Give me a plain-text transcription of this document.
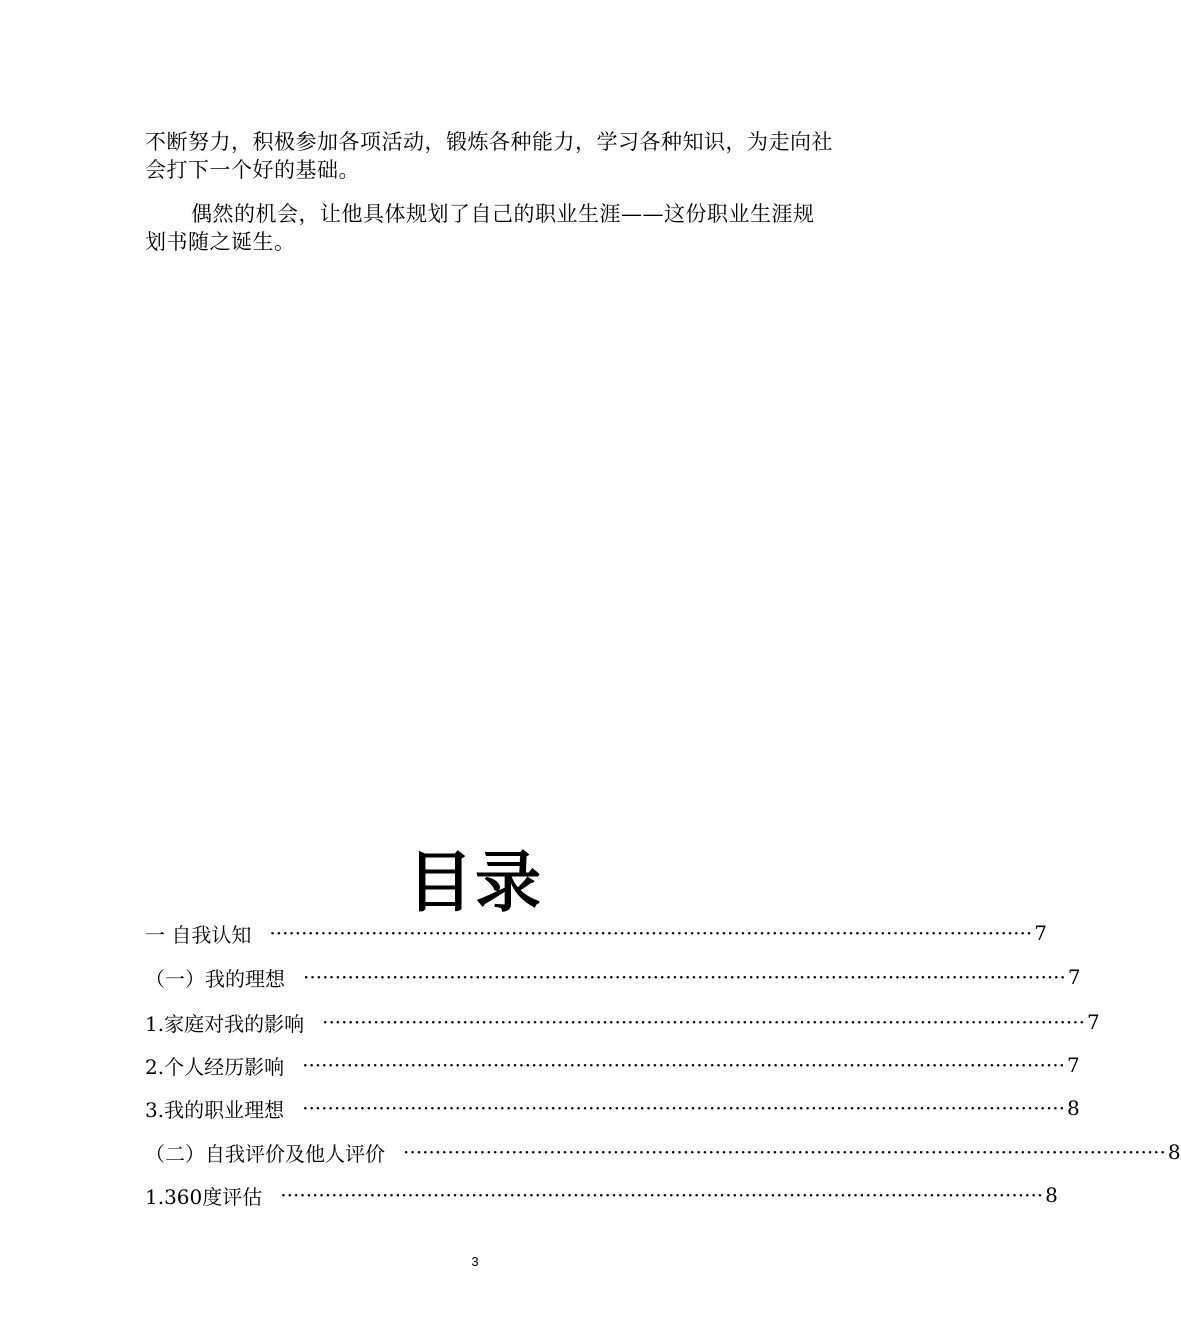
不断努力，积极参加各项活动，锻炼各种能力，学习各种知识，为走向社会打下一个好的基础。

偶然的机会，让他具体规划了自己的职业生涯——这份职业生涯规划书随之诞生。

目录
一 自我认知 ························································································································ 7
（一）我的理想 ························································································································ 7
1.家庭对我的影响 ························································································································ 7
2.个人经历影响 ························································································································ 7
3.我的职业理想 ························································································································ 8
（二）自我评价及他人评价 ························································································································ 8
1.360度评估 ························································································································ 8

3
